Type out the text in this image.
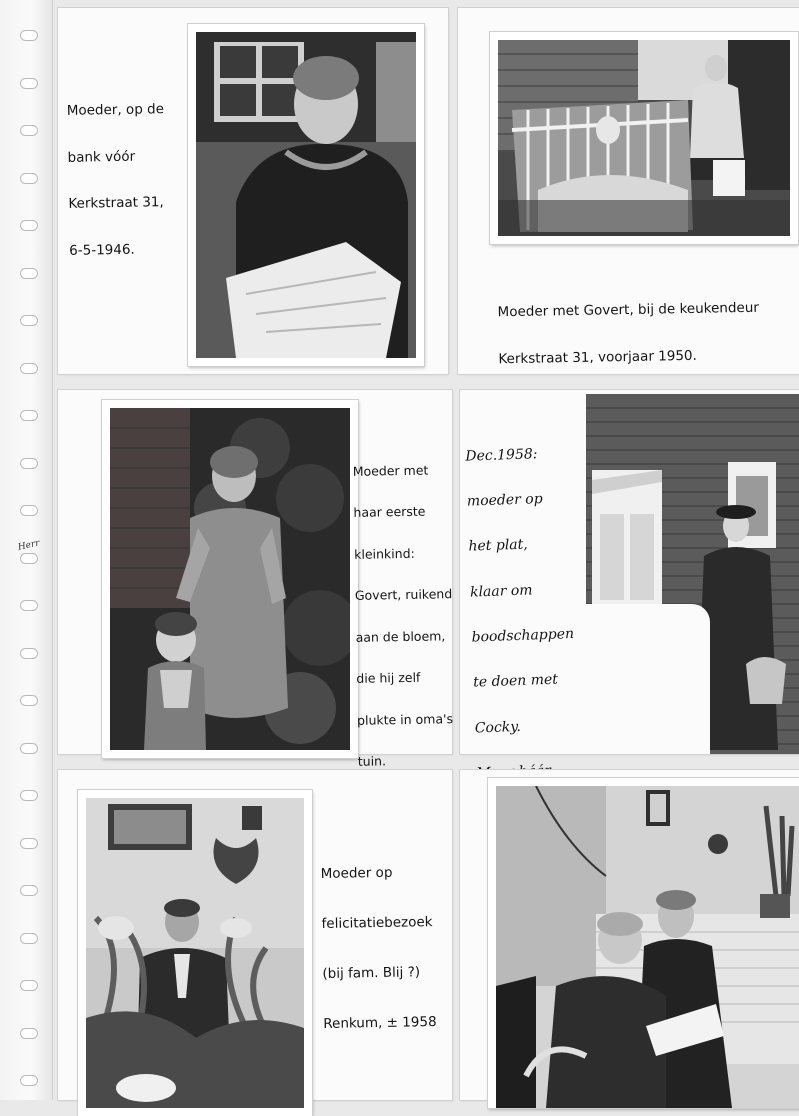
Herr

Moeder, op de

bank vóór

Kerkstraat 31,

6-5-1946.

Moeder met Govert, bij de keukendeur

Kerkstraat 31, voorjaar 1950.

Moeder met

haar eerste

kleinkind:

Govert, ruikend

aan de bloem,

die hij zelf

plukte in oma's

tuin.

Dec.1958:

moeder op

het plat,

klaar om

boodschappen

te doen met

Cocky.

Moeder op

felicitatiebezoek

(bij fam. Blij ?)

Renkum, ± 1958
